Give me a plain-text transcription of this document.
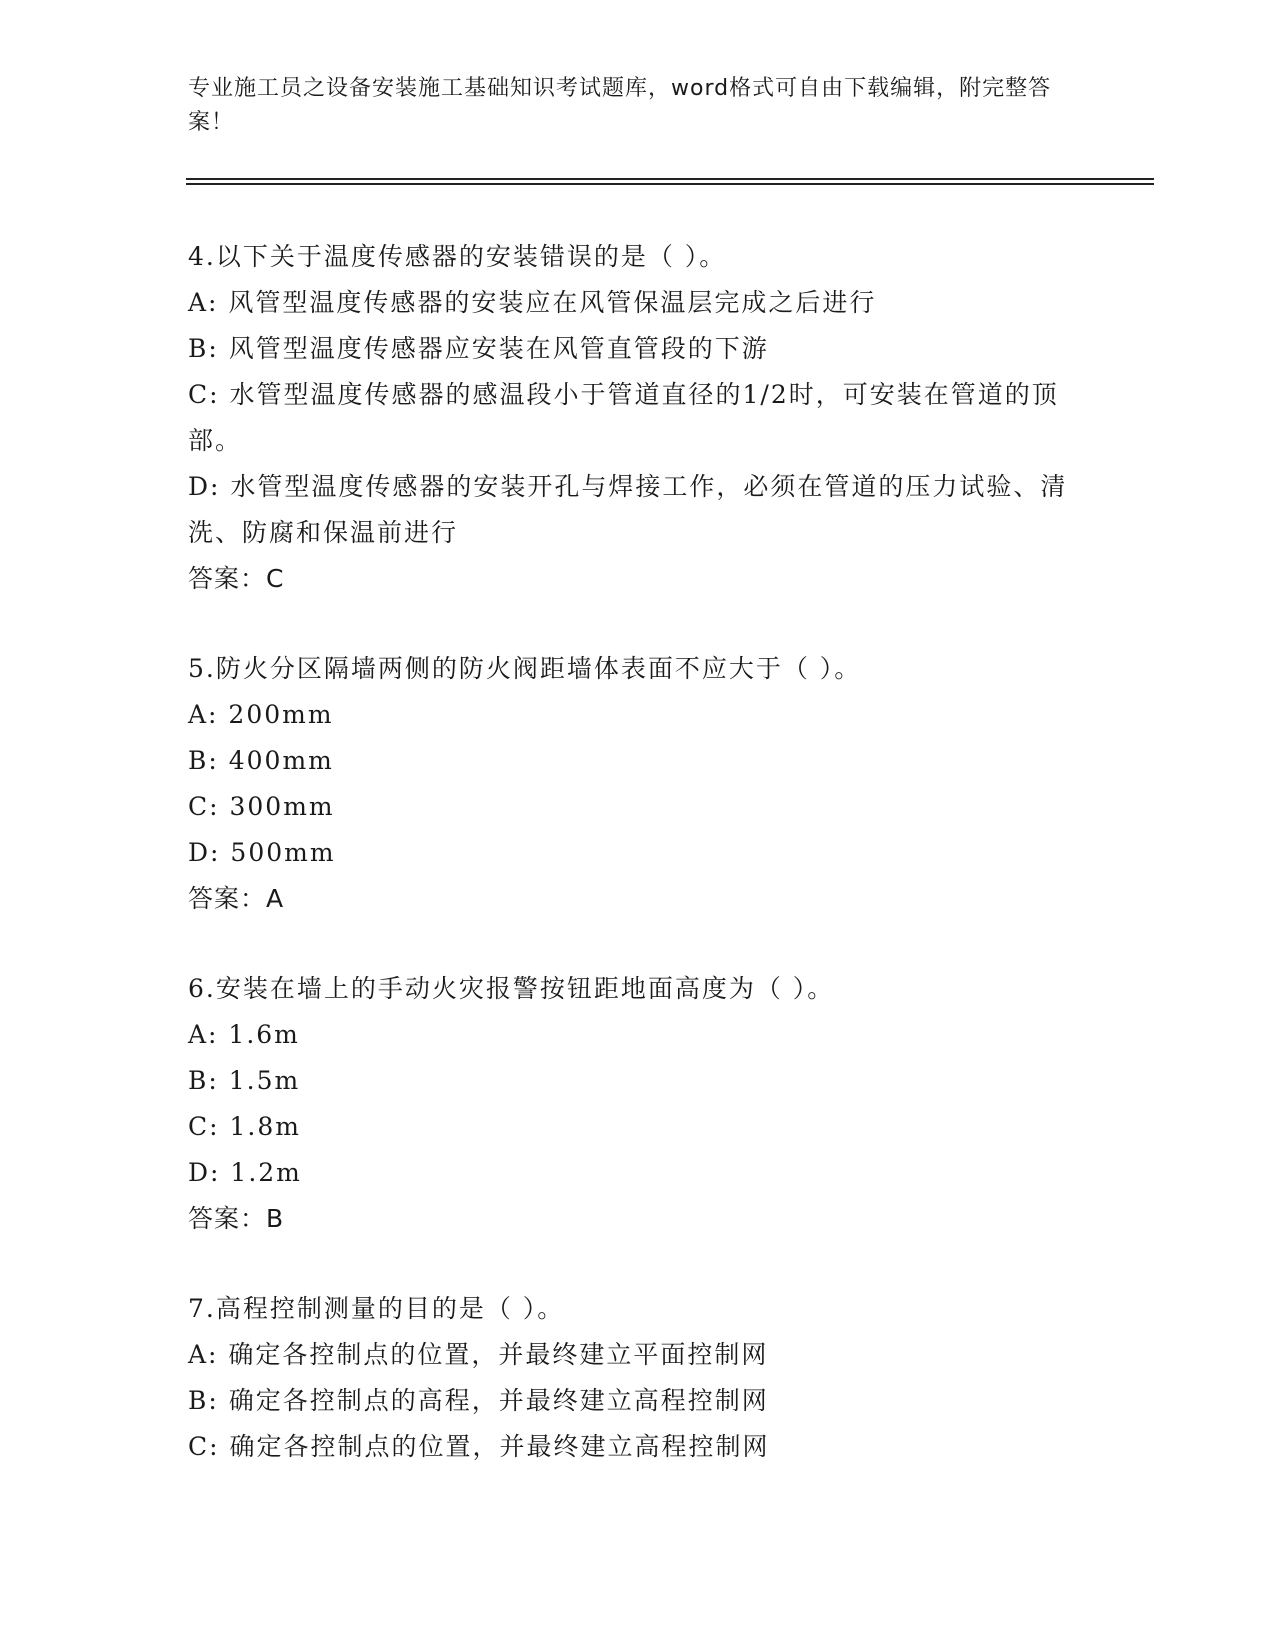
专业施工员之设备安装施工基础知识考试题库，word格式可自由下载编辑，附完整答案！
4.以下关于温度传感器的安装错误的是（ ）。
A: 风管型温度传感器的安装应在风管保温层完成之后进行
B: 风管型温度传感器应安装在风管直管段的下游
C: 水管型温度传感器的感温段小于管道直径的1/2时，可安装在管道的顶部。
D: 水管型温度传感器的安装开孔与焊接工作，必须在管道的压力试验、清洗、防腐和保温前进行
答案：C
5.防火分区隔墙两侧的防火阀距墙体表面不应大于（ ）。
A: 200mm
B: 400mm
C: 300mm
D: 500mm
答案：A
6.安装在墙上的手动火灾报警按钮距地面高度为（ ）。
A: 1.6m
B: 1.5m
C: 1.8m
D: 1.2m
答案：B
7.高程控制测量的目的是（ ）。
A: 确定各控制点的位置，并最终建立平面控制网
B: 确定各控制点的高程，并最终建立高程控制网
C: 确定各控制点的位置，并最终建立高程控制网
